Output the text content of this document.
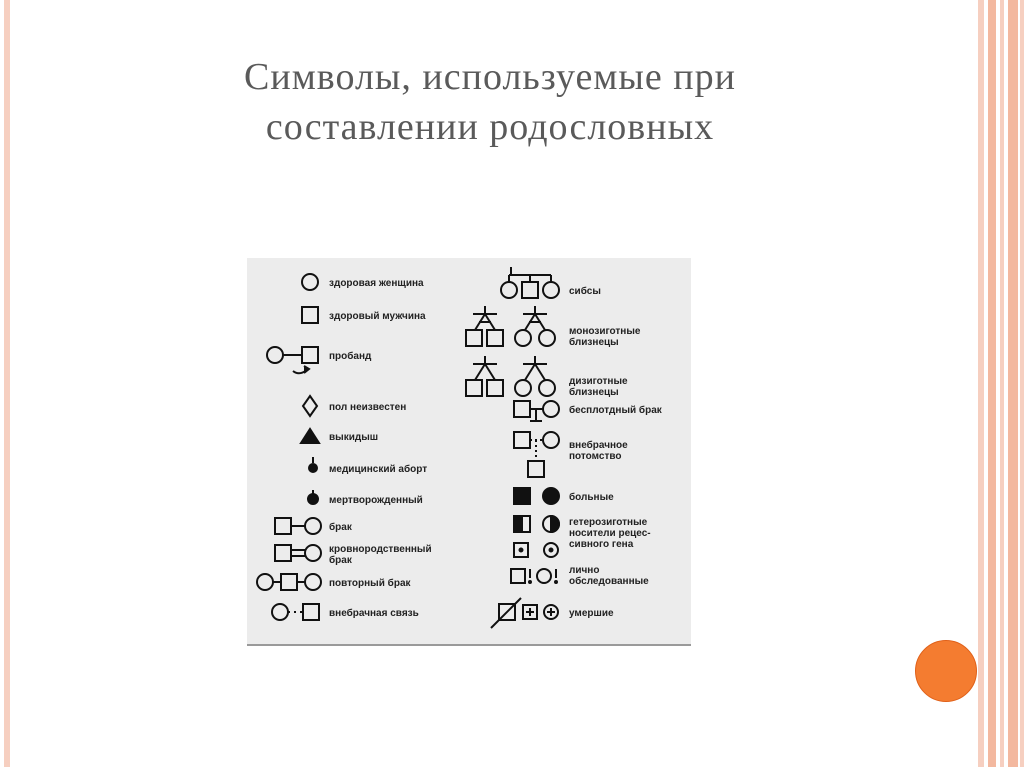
Символы, используемые при
составлении родословных
здоровая женщина
здоровый мужчина
пробанд
пол неизвестен
выкидыш
медицинский аборт
мертворожденный
брак
кровнородственный
брак
повторный брак
внебрачная связь
сибсы
монозиготные
близнецы
дизиготные
близнецы
бесплотдный брак
внебрачное
потомство
больные
гетерозиготные
носители рецес-
сивного гена
лично
обследованные
умершие
